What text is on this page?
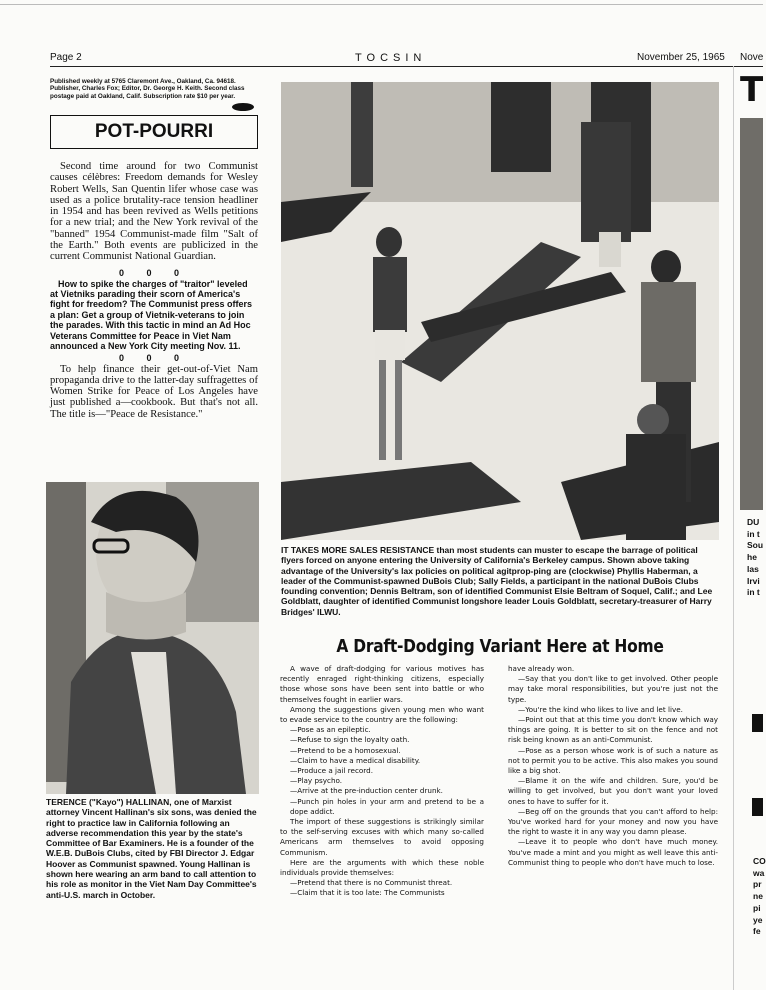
Page 2	TOCSIN	November 25, 1965 Nove
Published weekly at 5765 Claremont Ave., Oakland, Ca. 94618. Publisher, Charles Fox; Editor, Dr. George H. Keith. Second class postage paid at Oakland, Calif. Subscription rate $10 per year.
POT-POURRI

Second time around for two Communist causes célèbres: Freedom demands for Wesley Robert Wells, San Quentin lifer whose case was used as a police brutality-race tension headliner in 1954 and has been revived as Wells petitions for a new trial; and the New York revival of the "banned" 1954 Communist-made film "Salt of the Earth." Both events are publicized in the current Communist National Guardian.

0 0 0

How to spike the charges of "traitor" leveled at Vietniks parading their scorn of America's fight for freedom? The Communist press offers a plan: Get a group of Vietnik-veterans to join the parades. With this tactic in mind an Ad Hoc Veterans Committee for Peace in Viet Nam announced a New York City meeting Nov. 11.

0 0 0

To help finance their get-out-of-Viet Nam propaganda drive to the latter-day suffragettes of Women Strike for Peace of Los Angeles have just published a—cookbook. But that's not all. The title is—"Peace de Resistance."

TERENCE ("Kayo") HALLINAN, one of Marxist attorney Vincent Hallinan's six sons, was denied the right to practice law in California following an adverse recommendation this year by the state's Committee of Bar Examiners. He is a founder of the W.E.B. DuBois Clubs, cited by FBI Director J. Edgar Hoover as Communist spawned. Young Hallinan is shown here wearing an arm band to call attention to his role as monitor in the Viet Nam Day Committee's anti-U.S. march in October.

IT TAKES MORE SALES RESISTANCE than most students can muster to escape the barrage of political flyers forced on anyone entering the University of California's Berkeley campus. Shown above taking advantage of the University's lax policies on political agitprop-ping are (clockwise) Phyllis Haberman, a leader of the Communist-spawned DuBois Club; Sally Fields, a participant in the national DuBois Clubs founding convention; Dennis Beltram, son of identified Communist Elsie Beltram of Soquel, Calif.; and Lee Goldblatt, daughter of identified Communist longshore leader Louis Goldblatt, secretary-treasurer of Harry Bridges' ILWU.

A Draft-Dodging Variant Here at Home
A wave of draft-dodging for various motives has recently enraged right-thinking citizens, especially those whose sons have been sent into battle or who themselves fought in earlier wars.
Among the suggestions given young men who want to evade service to the country are the following:
—Pose as an epileptic.
—Refuse to sign the loyalty oath.
—Pretend to be a homosexual.
—Claim to have a medical disability.
—Produce a jail record.
—Play psycho.
—Arrive at the pre-induction center drunk.
—Punch pin holes in your arm and pretend to be a dope addict.
The import of these suggestions is strikingly similar to the self-serving excuses with which many so-called Americans arm themselves to avoid opposing Communism.
Here are the arguments with which these noble individuals provide themselves:
—Pretend that there is no Communist threat.
—Claim that it is too late: The Communists
have already won.
—Say that you don't like to get involved. Other people may take moral responsibilities, but you're just not the type.
—You're the kind who likes to live and let live.
—Point out that at this time you don't know which way things are going. It is better to sit on the fence and not risk being known as an anti-Communist.
—Pose as a person whose work is of such a nature as not to permit you to be active. This also makes you sound like a big shot.
—Blame it on the wife and children. Sure, you'd be willing to get involved, but you don't want your loved ones to have to suffer for it.
—Beg off on the grounds that you can't afford to help: You've worked hard for your money and now you have the right to waste it in any way you damn please.
—Leave it to people who don't have much money. You've made a mint and you might as well leave this anti-Communist thing to people who don't have much to lose.
T
DU
in t
Sou
he
las
Irvi
in t
CO
wa
pr
ne
pi
ye
fe
